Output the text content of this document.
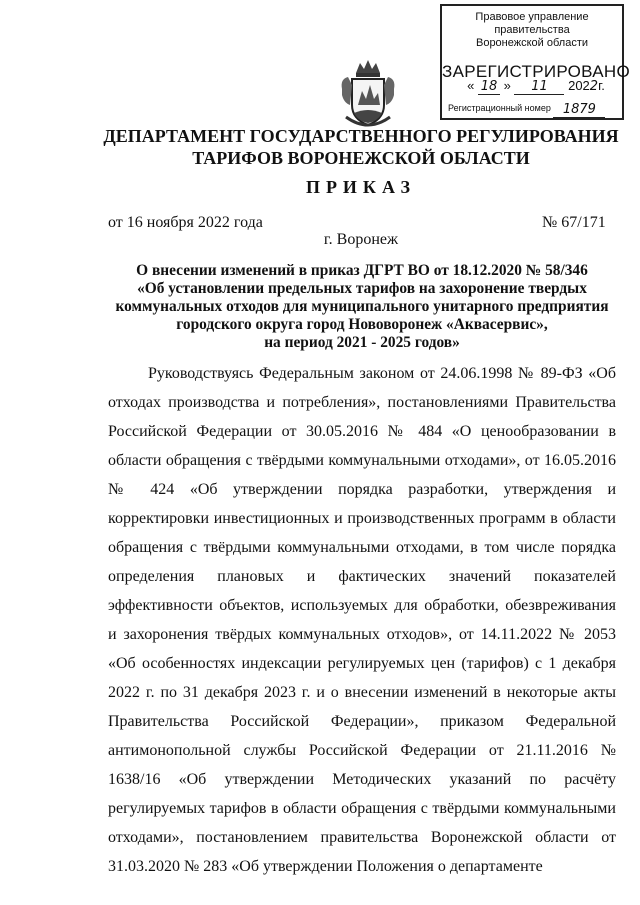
Правовое управление правительства
Воронежской области
ЗАРЕГИСТРИРОВАНО
« 18 » 11 2022г.
Регистрационный номер 1879
ДЕПАРТАМЕНТ ГОСУДАРСТВЕННОГО РЕГУЛИРОВАНИЯ
ТАРИФОВ ВОРОНЕЖСКОЙ ОБЛАСТИ
ПРИКАЗ
от 16 ноября 2022 года	№ 67/171
г. Воронеж
О внесении изменений в приказ ДГРТ ВО от 18.12.2020 № 58/346
«Об установлении предельных тарифов на захоронение твердых
коммунальных отходов для муниципального унитарного предприятия
городского округа город Нововоронеж «Аквасервис»,
на период 2021 - 2025 годов»

Руководствуясь Федеральным законом от 24.06.1998 № 89-ФЗ «Об отходах производства и потребления», постановлениями Правительства Российской Федерации от 30.05.2016 № 484 «О ценообразовании в области обращения с твёрдыми коммунальными отходами», от 16.05.2016 № 424 «Об утверждении порядка разработки, утверждения и корректировки инвестиционных и производственных программ в области обращения с твёрдыми коммунальными отходами, в том числе порядка определения плановых и фактических значений показателей эффективности объектов, используемых для обработки, обезвреживания и захоронения твёрдых коммунальных отходов», от 14.11.2022 № 2053 «Об особенностях индексации регулируемых цен (тарифов) с 1 декабря 2022 г. по 31 декабря 2023 г. и о внесении изменений в некоторые акты Правительства Российской Федерации», приказом Федеральной антимонопольной службы Российской Федерации от 21.11.2016 № 1638/16 «Об утверждении Методических указаний по расчёту регулируемых тарифов в области обращения с твёрдыми коммунальными отходами», постановлением правительства Воронежской области от 31.03.2020 № 283 «Об утверждении Положения о департаменте
